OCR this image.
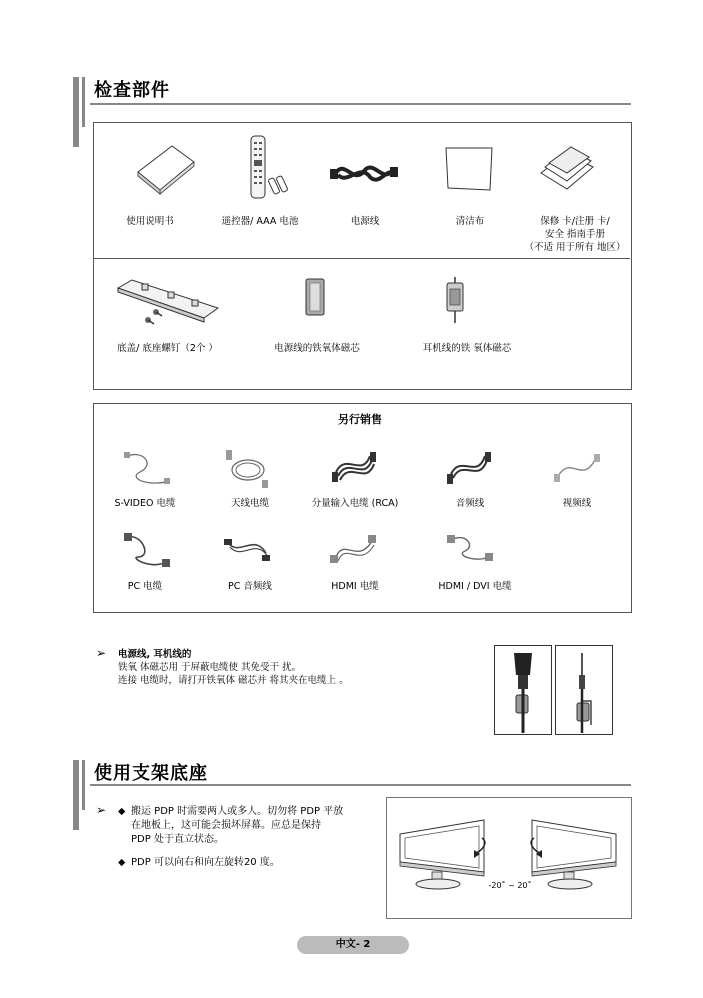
检查部件
使用说明书	遥控器/ AAA 电池	电源线	清洁布	保修 卡/注册 卡/
安全 指南手册
（不适 用于所有 地区）
底盖/ 底座螺钉（2个 ）	电源线的铁氧体磁芯	耳机线的铁 氧体磁芯
另行销售
S-VIDEO 电缆	天线电缆	分量输入电缆 (RCA)	音频线	视频线
PC 电缆	PC 音频线	HDMI 电缆	HDMI / DVI 电缆
➢ 电源线, 耳机线的
铁氧 体磁芯用 于屏蔽电缆使 其免受干 扰。
连接 电缆时，请打开铁氧体 磁芯并 将其夹在电缆上 。
使用支架底座
➢ ◆ 搬运 PDP 时需要两人或多人。切勿将 PDP 平放
在地板上，这可能会损坏屏幕。应总是保持
PDP 处于直立状态。
◆ PDP 可以向右和向左旋转20 度。
-20˚ ~ 20˚
中文- 2
